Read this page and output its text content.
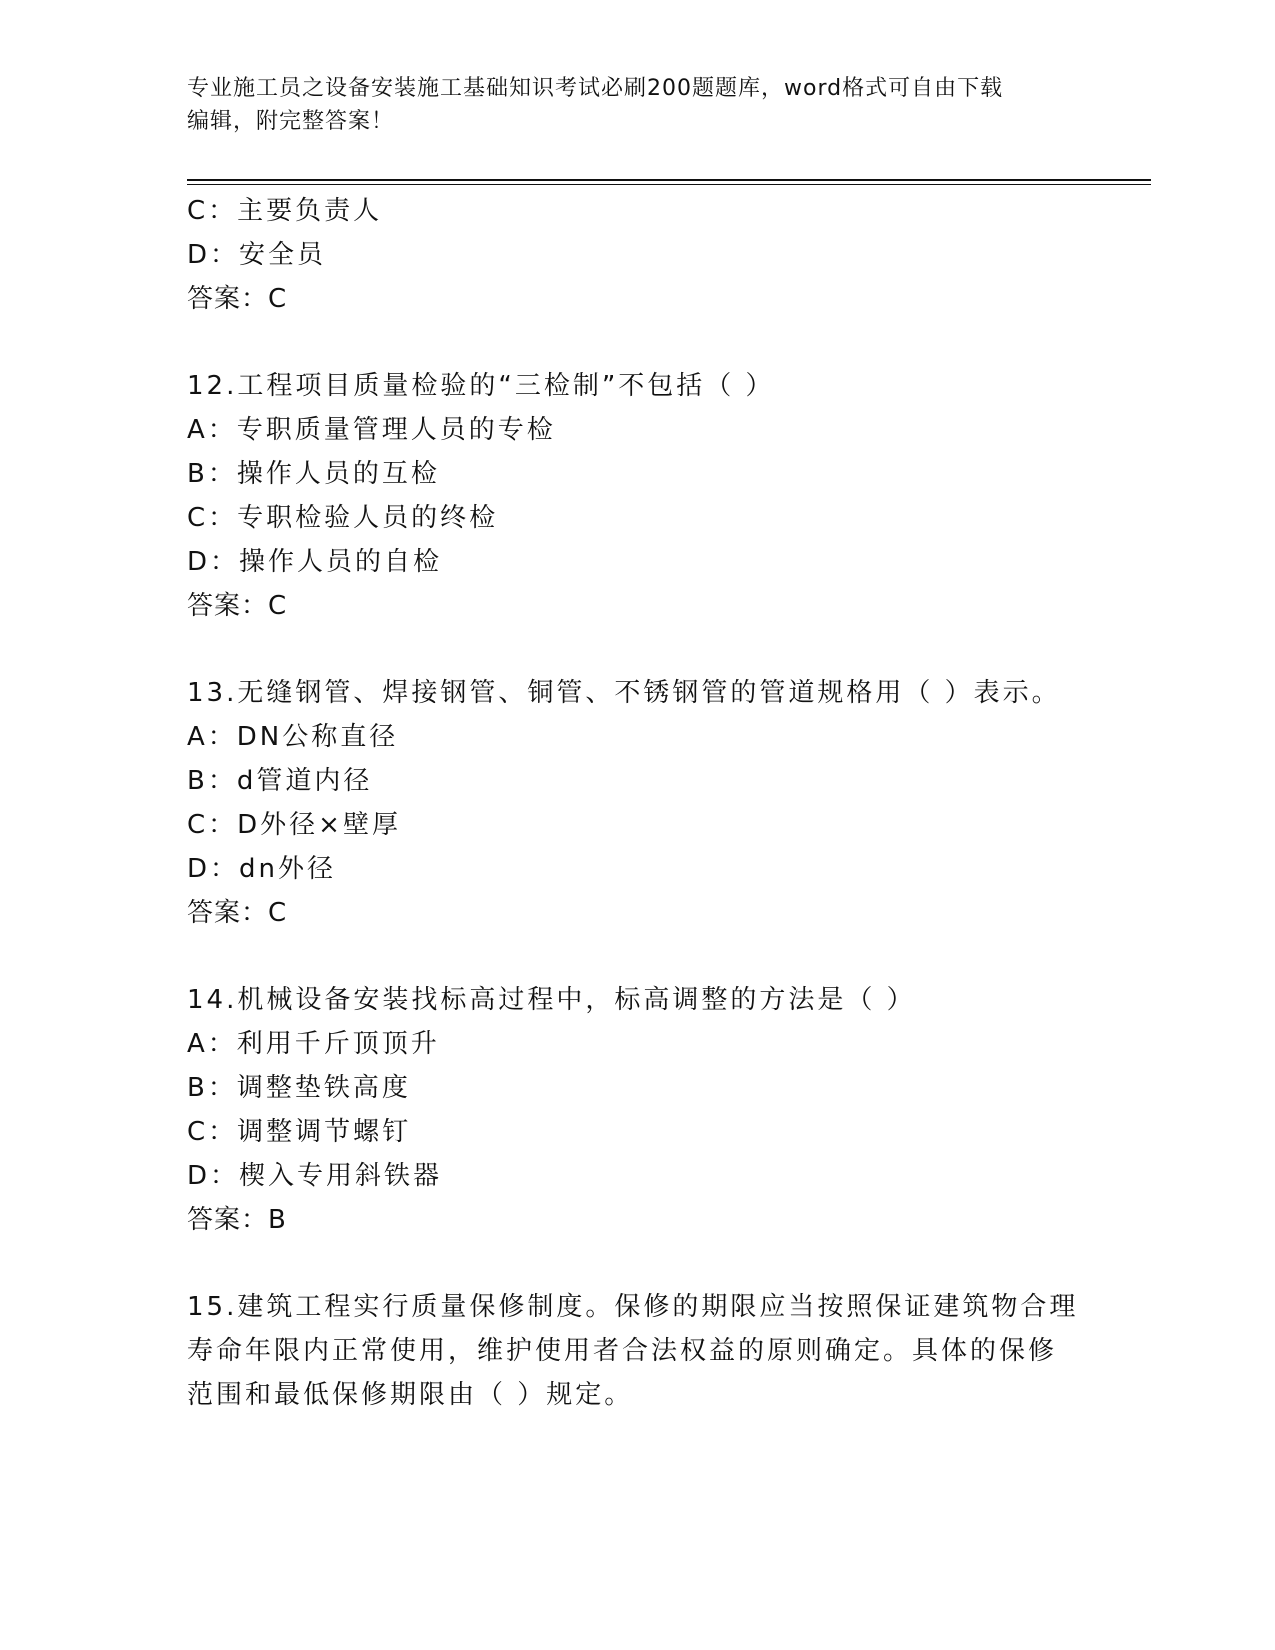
专业施工员之设备安装施工基础知识考试必刷200题题库，word格式可自由下载
编辑，附完整答案！
C：主要负责人
D：安全员
答案：C
12.工程项目质量检验的“三检制”不包括（ ）
A：专职质量管理人员的专检
B：操作人员的互检
C：专职检验人员的终检
D：操作人员的自检
答案：C
13.无缝钢管、焊接钢管、铜管、不锈钢管的管道规格用（ ）表示。
A：DN公称直径
B：d管道内径
C：D外径×壁厚
D：dn外径
答案：C
14.机械设备安装找标高过程中，标高调整的方法是（ ）
A：利用千斤顶顶升
B：调整垫铁高度
C：调整调节螺钉
D：楔入专用斜铁器
答案：B
15.建筑工程实行质量保修制度。保修的期限应当按照保证建筑物合理
寿命年限内正常使用，维护使用者合法权益的原则确定。具体的保修
范围和最低保修期限由（ ）规定。
